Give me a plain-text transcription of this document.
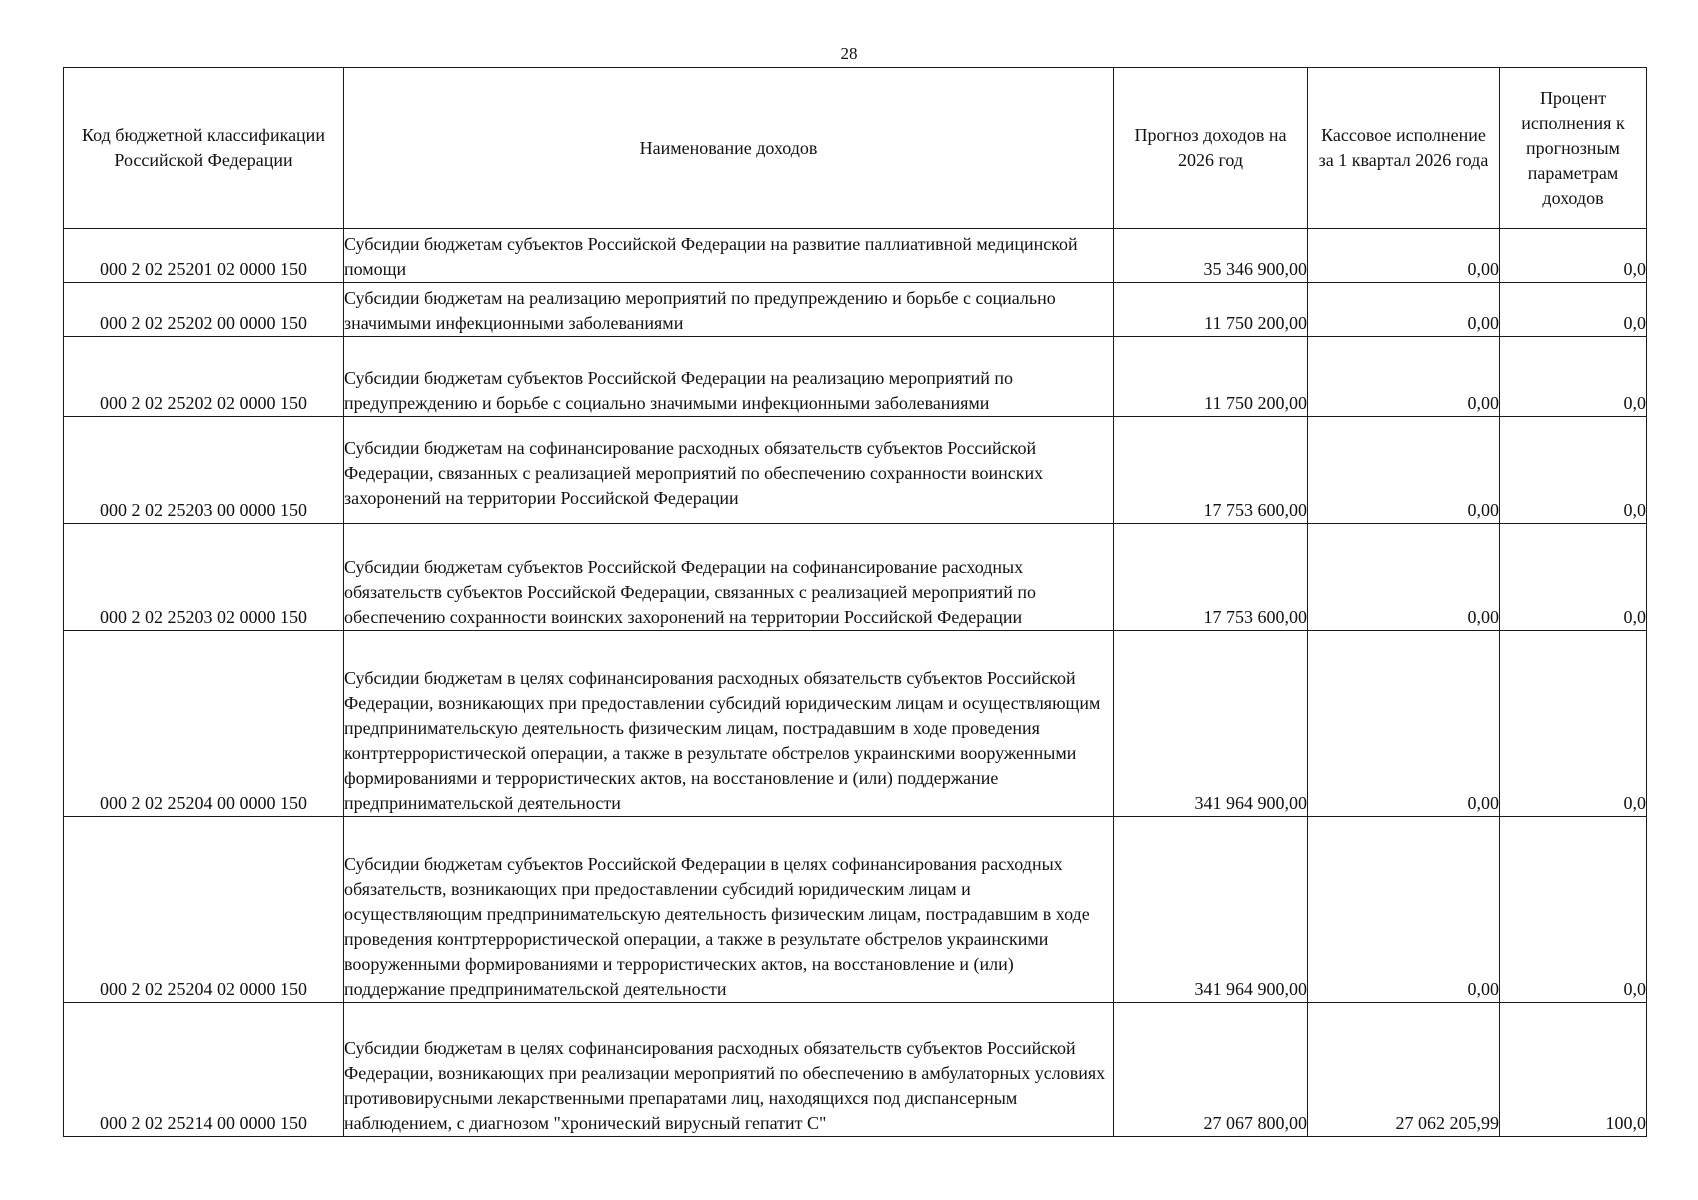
28
Код бюджетной классификации Российской Федерации	Наименование доходов	Прогноз доходов на 2026 год	Кассовое исполнение за 1 квартал 2026 года	Процент исполнения к прогнозным параметрам доходов
000 2 02 25201 02 0000 150	Субсидии бюджетам субъектов Российской Федерации на развитие паллиативной медицинской помощи	35 346 900,00	0,00	0,0
000 2 02 25202 00 0000 150	Субсидии бюджетам на реализацию мероприятий по предупреждению и борьбе с социально значимыми инфекционными заболеваниями	11 750 200,00	0,00	0,0
000 2 02 25202 02 0000 150	Субсидии бюджетам субъектов Российской Федерации на реализацию мероприятий по предупреждению и борьбе с социально значимыми инфекционными заболеваниями	11 750 200,00	0,00	0,0
000 2 02 25203 00 0000 150	Субсидии бюджетам на софинансирование расходных обязательств субъектов Российской Федерации, связанных с реализацией мероприятий по обеспечению сохранности воинских захоронений на территории Российской Федерации	17 753 600,00	0,00	0,0
000 2 02 25203 02 0000 150	Субсидии бюджетам субъектов Российской Федерации на софинансирование расходных обязательств субъектов Российской Федерации, связанных с реализацией мероприятий по обеспечению сохранности воинских захоронений на территории Российской Федерации	17 753 600,00	0,00	0,0
000 2 02 25204 00 0000 150	Субсидии бюджетам в целях софинансирования расходных обязательств субъектов Российской Федерации, возникающих при предоставлении субсидий юридическим лицам и осуществляющим предпринимательскую деятельность физическим лицам, пострадавшим в ходе проведения контртеррористической операции, а также в результате обстрелов украинскими вооруженными формированиями и террористических актов, на восстановление и (или) поддержание предпринимательской деятельности	341 964 900,00	0,00	0,0
000 2 02 25204 02 0000 150	Субсидии бюджетам субъектов Российской Федерации в целях софинансирования расходных обязательств, возникающих при предоставлении субсидий юридическим лицам и осуществляющим предпринимательскую деятельность физическим лицам, пострадавшим в ходе проведения контртеррористической операции, а также в результате обстрелов украинскими вооруженными формированиями и террористических актов, на восстановление и (или) поддержание предпринимательской деятельности	341 964 900,00	0,00	0,0
000 2 02 25214 00 0000 150	Субсидии бюджетам в целях софинансирования расходных обязательств субъектов Российской Федерации, возникающих при реализации мероприятий по обеспечению в амбулаторных условиях противовирусными лекарственными препаратами лиц, находящихся под диспансерным наблюдением, с диагнозом "хронический вирусный гепатит С"	27 067 800,00	27 062 205,99	100,0
